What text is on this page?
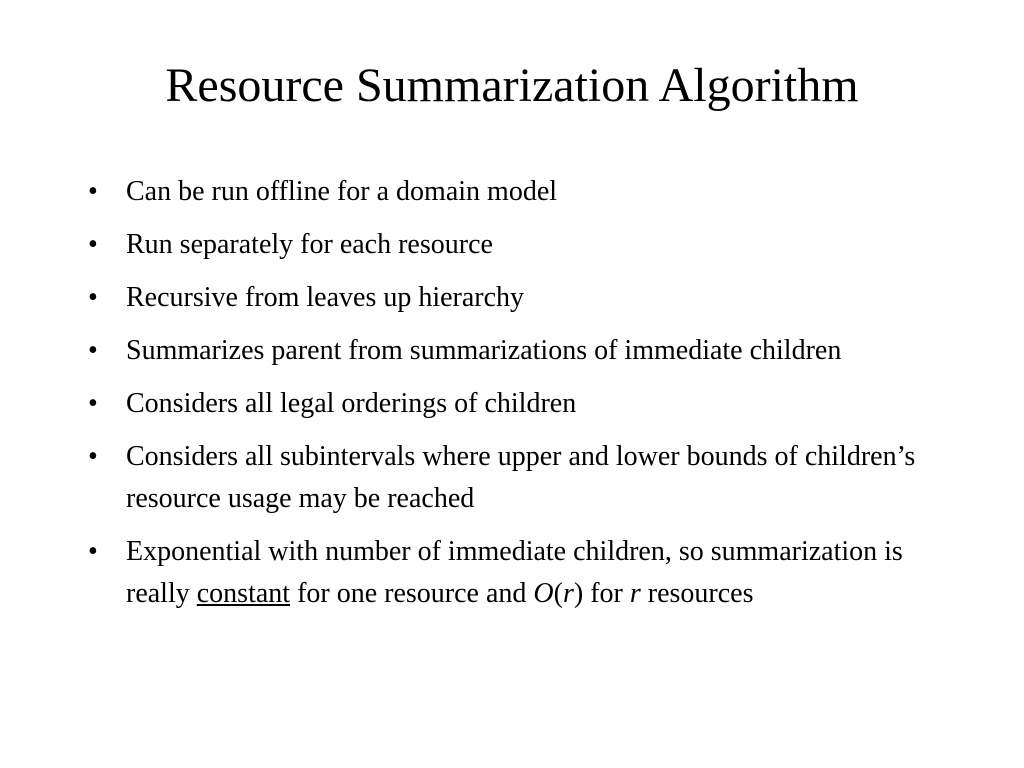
Resource Summarization Algorithm
• Can be run offline for a domain model
• Run separately for each resource
• Recursive from leaves up hierarchy
• Summarizes parent from summarizations of immediate children
• Considers all legal orderings of children
• Considers all subintervals where upper and lower bounds of children’s resource usage may be reached
• Exponential with number of immediate children, so summarization is really constant for one resource and O(r) for r resources
